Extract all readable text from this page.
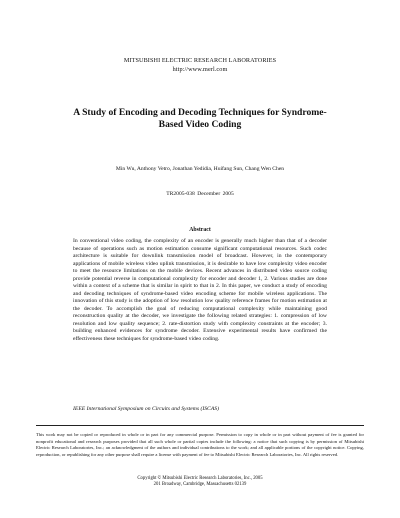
MITSUBISHI ELECTRIC RESEARCH LABORATORIES
http://www.merl.com
A Study of Encoding and Decoding Techniques for Syndrome-Based Video Coding
Min Wu, Anthony Vetro, Jonathan Yedidia, Huifang Sun, Chang Wen Chen
TR2005-038 December 2005
Abstract

In conventional video coding, the complexity of an encoder is generally much higher than that of a decoder because of operations such as motion estimation consume significant computational resources. Such codec architecture is suitable for downlink transmission model of broadcast. However, in the contemporary applications of mobile wireless video uplink transmission, it is desirable to have low complexity video encoder to meet the resource limitations on the mobile devices. Recent advances in distributed video source coding provide potential reverse in computational complexity for encoder and decoder 1, 2. Various studies are done within a context of a scheme that is similar in spirit to that in 2. In this paper, we conduct a study of encoding and decoding techniques of syndrome-based video encoding scheme for mobile wireless applications. The innovation of this study is the adoption of low resolution low quality reference frames for motion estimation at the decoder. To accomplish the goal of reducing computational complexity while maintaining good reconstruction quality at the decoder, we investigate the following related strategies: 1. compression of low resolution and low quality sequence; 2. rate-distortion study with complexity constraints at the encoder; 3. building enhanced evidences for syndrome decoder. Extensive experimental results have confirmed the effectiveness these techniques for syndrome-based video coding.

IEEE International Symposium on Circuits and Systems (ISCAS)

This work may not be copied or reproduced in whole or in part for any commercial purpose. Permission to copy in whole or in part without payment of fee is granted for nonprofit educational and research purposes provided that all such whole or partial copies include the following: a notice that such copying is by permission of Mitsubishi Electric Research Laboratories, Inc.; an acknowledgment of the authors and individual contributions to the work; and all applicable portions of the copyright notice. Copying, reproduction, or republishing for any other purpose shall require a license with payment of fee to Mitsubishi Electric Research Laboratories, Inc. All rights reserved.

Copyright © Mitsubishi Electric Research Laboratories, Inc., 2005
201 Broadway, Cambridge, Massachusetts 02139
